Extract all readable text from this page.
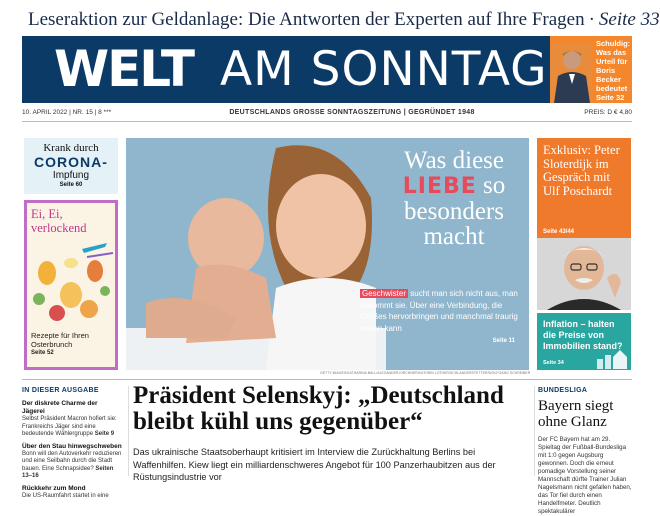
Leseraktion zur Geldanlage: Die Antworten der Experten auf Ihre Fragen · Seite 33
WELT AM SONNTAG	Schuldig: Was das Urteil für Boris Becker bedeutet
Seite 32
10. APRIL 2022 | NR. 15 | 8 ***	DEUTSCHLANDS GROSSE SONNTAGSZEITUNG | GEGRÜNDET 1948	PREIS: D € 4,80
Krank durch
CORONA-
Impfung
Seite 60
Ei, Ei, verlockend
Rezepte für Ihren Osterbrunch
Seite 52
Was diese
LIEBE so besonders macht
Geschwister sucht man sich nicht aus, man bekommt sie. Über eine Verbindung, die Großes hervorbringen und manchmal traurig enden kann
Seite 11
GETTY IMAGES/KATHARINA BALL/ALEXANDER KIRCHNER/KATHRIN LOTHER/SCHLANDERSTETTER/WOLFGANG SCHREIBER
Exklusiv: Peter Sloterdijk im Gespräch mit Ulf Poschardt
Seite 43/44
Inflation – halten die Preise von Immobilien stand?
Seite 34
IN DIESER AUSGABE
Der diskrete Charme der Jägerei
Selbst Präsident Macron hofiert sie: Frankreichs Jäger sind eine bedeutende Wählergruppe Seite 9
Über den Stau hinwegschweben
Bonn will den Autoverkehr reduzieren und eine Seilbahn durch die Stadt bauen. Eine Schnapsidee? Seiten 13–16
Rückkehr zum Mond
Die US-Raumfahrt startet in eine
Präsident Selenskyj: „Deutschland bleibt kühl uns gegenüber“
Das ukrainische Staatsoberhaupt kritisiert im Interview die Zurückhaltung Berlins bei Waffenhilfen. Kiew liegt ein milliardenschweres Angebot für 100 Panzerhaubitzen aus der Rüstungsindustrie vor
BUNDESLIGA
Bayern siegt ohne Glanz
Der FC Bayern hat am 29. Spieltag der Fußball-Bundesliga mit 1:0 gegen Augsburg gewonnen. Doch die erneut pomadige Vorstellung seiner Mannschaft dürfte Trainer Julian Nagelsmann nicht gefallen haben, das Tor fiel durch einen Handelfmeter. Deutlich spektakulärer
